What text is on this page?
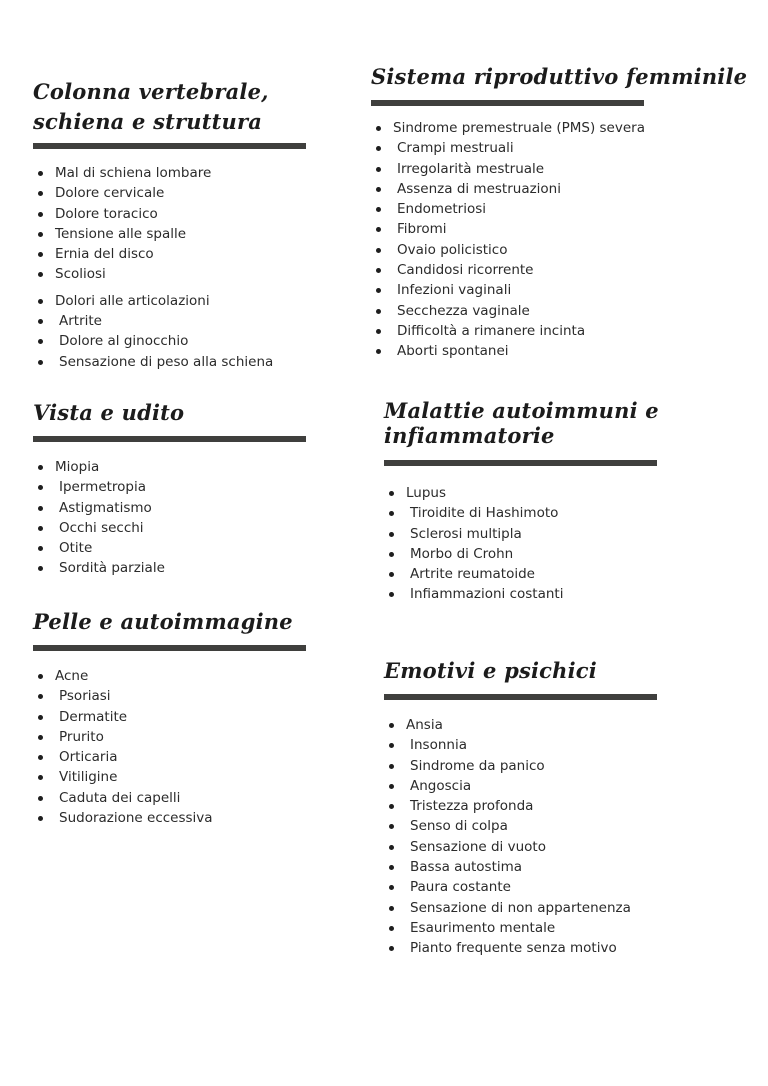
Colonna vertebrale, schiena e struttura
Mal di schiena lombare
Dolore cervicale
Dolore toracico
Tensione alle spalle
Ernia del disco
Scoliosi
Dolori alle articolazioni
Artrite
Dolore al ginocchio
Sensazione di peso alla schiena
Sistema riproduttivo femminile
Sindrome premestruale (PMS) severa
Crampi mestruali
Irregolarità mestruale
Assenza di mestruazioni
Endometriosi
Fibromi
Ovaio policistico
Candidosi ricorrente
Infezioni vaginali
Secchezza vaginale
Difficoltà a rimanere incinta
Aborti spontanei
Vista e udito
Miopia
Ipermetropia
Astigmatismo
Occhi secchi
Otite
Sordità parziale
Malattie autoimmuni e infiammatorie
Lupus
Tiroidite di Hashimoto
Sclerosi multipla
Morbo di Crohn
Artrite reumatoide
Infiammazioni costanti
Pelle e autoimmagine
Acne
Psoriasi
Dermatite
Prurito
Orticaria
Vitiligine
Caduta dei capelli
Sudorazione eccessiva
Emotivi e psichici
Ansia
Insonnia
Sindrome da panico
Angoscia
Tristezza profonda
Senso di colpa
Sensazione di vuoto
Bassa autostima
Paura costante
Sensazione di non appartenenza
Esaurimento mentale
Pianto frequente senza motivo
